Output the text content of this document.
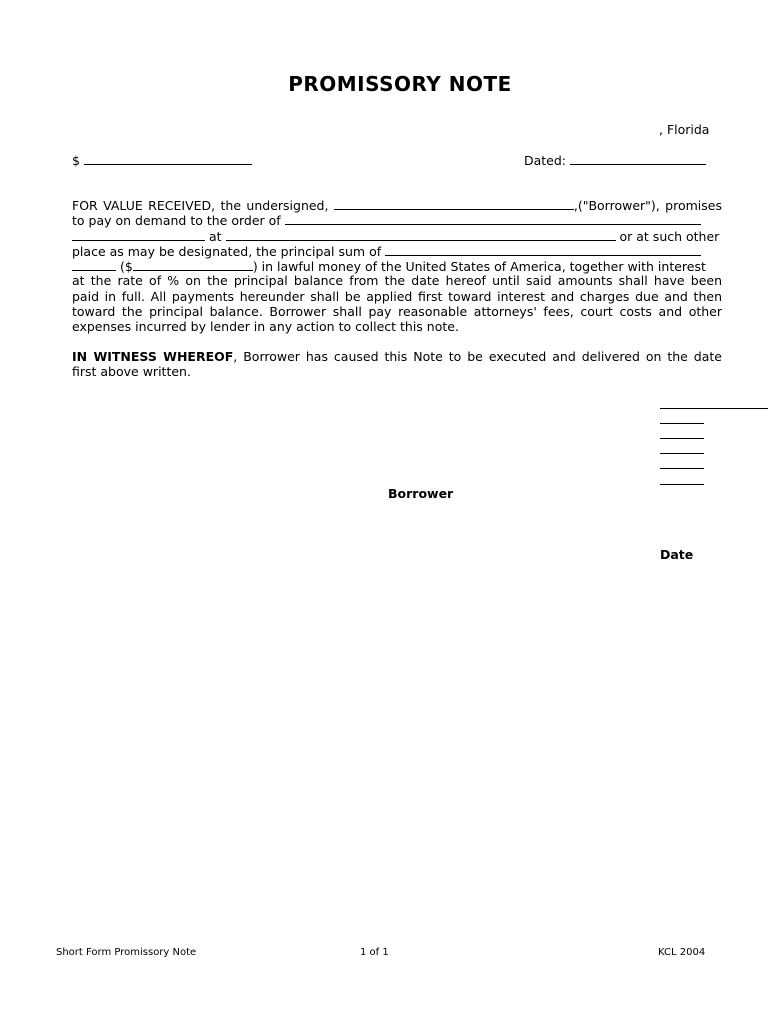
PROMISSORY NOTE
, Florida
$	Dated:
FOR VALUE RECEIVED, the undersigned,	,("Borrower"), promises
to pay on demand to the order of
at	or at such other
place as may be designated, the principal sum of
($	) in lawful money of the United States of America, together with interest
at the rate of % on the principal balance from the date hereof until said amounts shall have been
paid in full. All payments hereunder shall be applied first toward interest and charges due and then
toward the principal balance. Borrower shall pay reasonable attorneys' fees, court costs and other
expenses incurred by lender in any action to collect this note.
IN WITNESS WHEREOF, Borrower has caused this Note to be executed and delivered on the date
first above written.
Borrower
Date
Short Form Promissory Note	1 of 1	KCL 2004
